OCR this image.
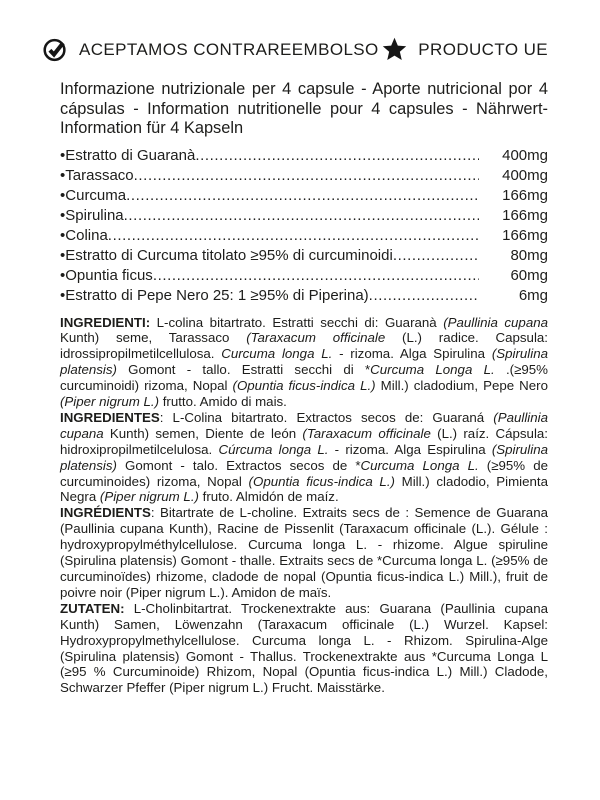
ACEPTAMOS CONTRAREEMBOLSO PRODUCTO UE
Informazione nutrizionale per 4 capsule - Aporte nutricional por 4 cápsulas - Information nutritionelle pour 4 capsules - Nährwert-Information für 4 Kapseln
• Estratto di Guaranà .....	400mg
• Tarassaco .....	400mg
• Curcuma .....	166mg
• Spirulina .....	166mg
• Colina .....	166mg
• Estratto di Curcuma titolato ≥95% di curcuminoidi .....	80mg
• Opuntia ficus .....	60mg
• Estratto di Pepe Nero 25: 1 ≥95% di Piperina) .....	6mg

INGREDIENTI: L-colina bitartrato. Estratti secchi di: Guaranà (Paullinia cupana Kunth) seme, Tarassaco (Taraxacum officinale (L.) radice. Capsula: idrossipropilmetilcellulosa. Curcuma longa L. - rizoma. Alga Spirulina (Spirulina platensis) Gomont - tallo. Estratti secchi di *Curcuma Longa L. .(≥95% curcuminoidi) rizoma, Nopal (Opuntia ficus-indica L.) Mill.) cladodium, Pepe Nero (Piper nigrum L.) frutto. Amido di mais.

INGREDIENTES: L-Colina bitartrato. Extractos secos de: Guaraná (Paullinia cupana Kunth) semen, Diente de león (Taraxacum officinale (L.) raíz. Cápsula: hidroxipropilmetilcelulosa. Cúrcuma longa L. - rizoma. Alga Espirulina (Spirulina platensis) Gomont - talo. Extractos secos de *Curcuma Longa L. (≥95% de curcuminoides) rizoma, Nopal (Opuntia ficus-indica L.) Mill.) cladodio, Pimienta Negra (Piper nigrum L.) fruto. Almidón de maíz.

INGRÉDIENTS: Bitartrate de L-choline. Extraits secs de : Semence de Guarana (Paullinia cupana Kunth), Racine de Pissenlit (Taraxacum officinale (L.). Gélule : hydroxypropylméthylcellulose. Curcuma longa L. - rhizome. Algue spiruline (Spirulina platensis) Gomont - thalle. Extraits secs de *Curcuma longa L. (≥95% de curcuminoïdes) rhizome, cladode de nopal (Opuntia ficus-indica L.) Mill.), fruit de poivre noir (Piper nigrum L.). Amidon de maïs.

ZUTATEN: L-Cholinbitartrat. Trockenextrakte aus: Guarana (Paullinia cupana Kunth) Samen, Löwenzahn (Taraxacum officinale (L.) Wurzel. Kapsel: Hydroxypropylmethylcellulose. Curcuma longa L. - Rhizom. Spirulina-Alge (Spirulina platensis) Gomont - Thallus. Trockenextrakte aus *Curcuma Longa L (≥95 % Curcuminoide) Rhizom, Nopal (Opuntia ficus-indica L.) Mill.) Cladode, Schwarzer Pfeffer (Piper nigrum L.) Frucht. Maisstärke.
